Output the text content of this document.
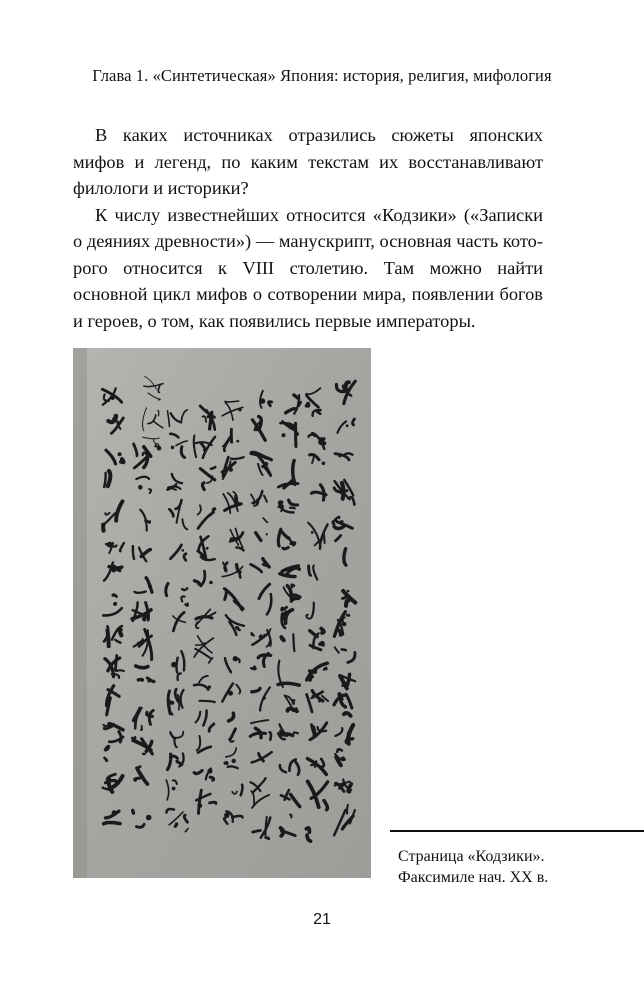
Глава 1. «Синтетическая» Япония: история, религия, мифология

В каких источниках отразились сюжеты японских мифов и легенд, по каким текстам их восстанавливают филологи и историки?

К числу известнейших относится «Кодзики» («Записки о деяниях древности») — манускрипт, основная часть которого относится к VIII столетию. Там можно найти основной цикл мифов о сотворении мира, появлении богов и героев, о том, как появились первые императоры.

Страница «Кодзики».
Факсимиле нач. XX в.
21
